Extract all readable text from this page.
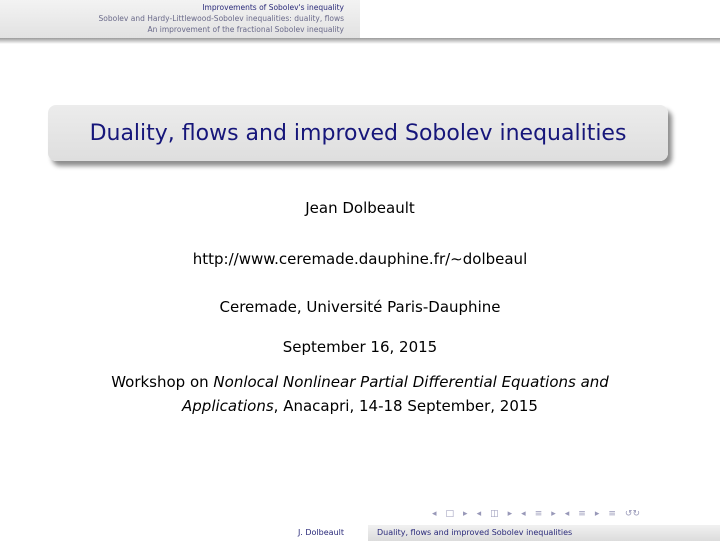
Improvements of Sobolev's inequality
Sobolev and Hardy-Littlewood-Sobolev inequalities: duality, flows
An improvement of the fractional Sobolev inequality
Duality, flows and improved Sobolev inequalities
Jean Dolbeault
http://www.ceremade.dauphine.fr/∼dolbeaul
Ceremade, Université Paris-Dauphine
September 16, 2015
Workshop on Nonlocal Nonlinear Partial Differential Equations and
Applications, Anacapri, 14-18 September, 2015
◂ □ ▸ ◂ ◫ ▸ ◂ ≡ ▸ ◂ ≡ ▸ ≡ ↺↻
J. Dolbeault	Duality, flows and improved Sobolev inequalities
